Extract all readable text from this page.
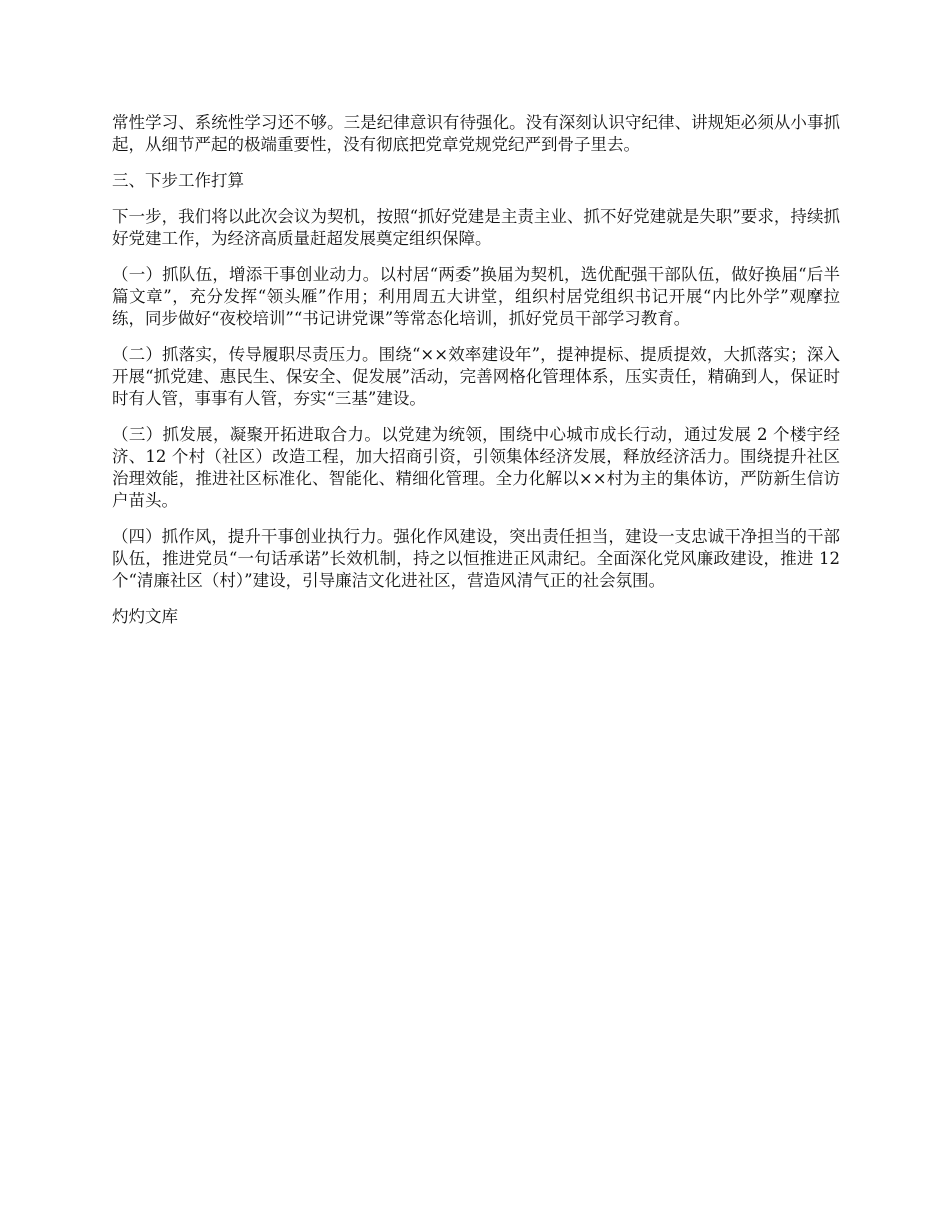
常性学习、系统性学习还不够。三是纪律意识有待强化。没有深刻认识守纪律、讲规矩必须从小事抓起，从细节严起的极端重要性，没有彻底把党章党规党纪严到骨子里去。

三、下步工作打算

下一步，我们将以此次会议为契机，按照“抓好党建是主责主业、抓不好党建就是失职”要求，持续抓好党建工作，为经济高质量赶超发展奠定组织保障。

（一）抓队伍，增添干事创业动力。以村居“两委”换届为契机，选优配强干部队伍，做好换届“后半篇文章”，充分发挥“领头雁”作用；利用周五大讲堂，组织村居党组织书记开展“内比外学”观摩拉练，同步做好“夜校培训”“书记讲党课”等常态化培训，抓好党员干部学习教育。

（二）抓落实，传导履职尽责压力。围绕“××效率建设年”，提神提标、提质提效，大抓落实；深入开展“抓党建、惠民生、保安全、促发展”活动，完善网格化管理体系，压实责任，精确到人，保证时时有人管，事事有人管，夯实“三基”建设。

（三）抓发展，凝聚开拓进取合力。以党建为统领，围绕中心城市成长行动，通过发展 2 个楼宇经济、12 个村（社区）改造工程，加大招商引资，引领集体经济发展，释放经济活力。围绕提升社区治理效能，推进社区标准化、智能化、精细化管理。全力化解以××村为主的集体访，严防新生信访户苗头。

（四）抓作风，提升干事创业执行力。强化作风建设，突出责任担当，建设一支忠诚干净担当的干部队伍，推进党员“一句话承诺”长效机制，持之以恒推进正风肃纪。全面深化党风廉政建设，推进 12 个“清廉社区（村）”建设，引导廉洁文化进社区，营造风清气正的社会氛围。

灼灼文库
